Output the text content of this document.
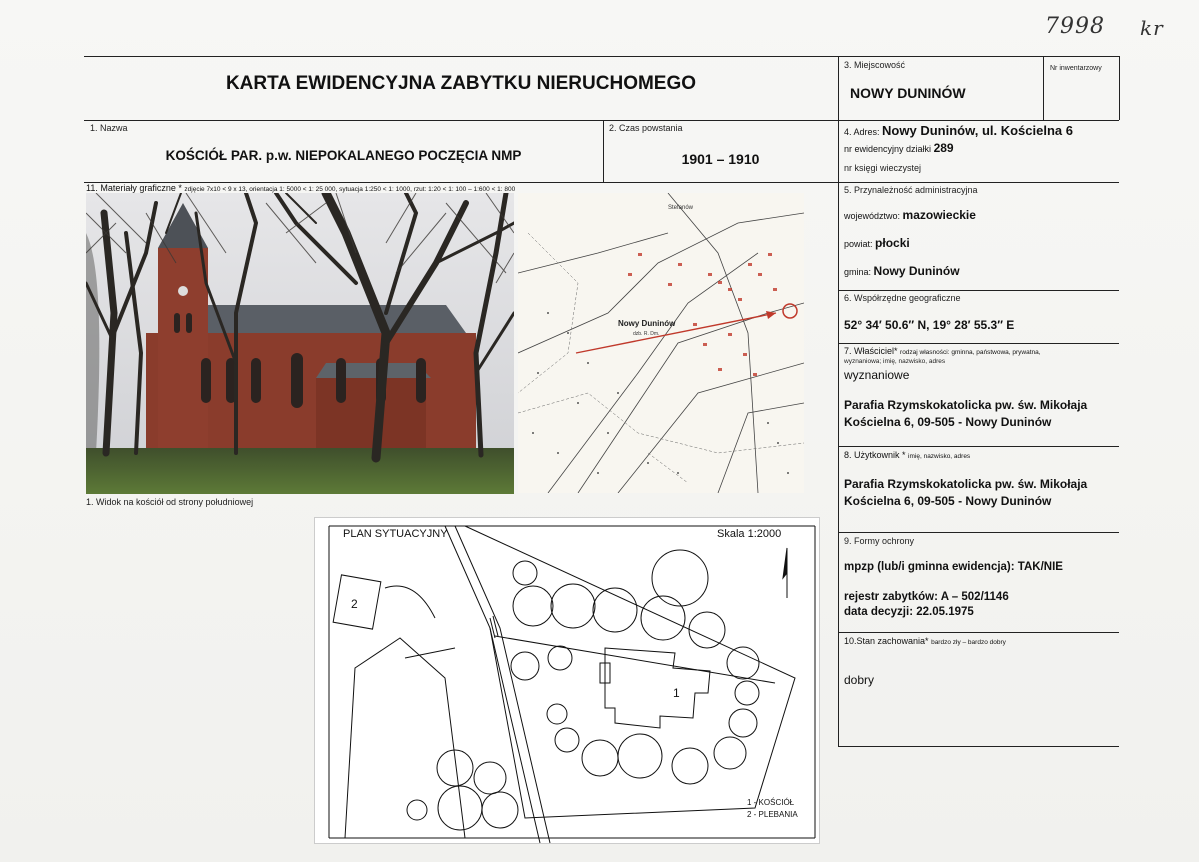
7998 kr
KARTA EWIDENCYJNA ZABYTKU NIERUCHOMEGO
3. Miejscowość
NOWY DUNINÓW
Nr inwentarzowy
1. Nazwa
KOŚCIÓŁ PAR. p.w. NIEPOKALANEGO POCZĘCIA NMP
2. Czas powstania
1901 – 1910
4. Adres: Nowy Duninów, ul. Kościelna 6
nr ewidencyjny działki 289
nr księgi wieczystej
11. Materiały graficzne * zdjęcie 7x10 < 9 x 13, orientacja 1: 5000 < 1: 25 000, sytuacja 1:250 < 1: 1000, rzut: 1:20 < 1: 100 – 1:600 < 1: 800
Nowy Duninów
dzb. R. Dm.
Stefanów
1. Widok na kościół od strony południowej
PLAN SYTUACYJNY	Skala 1:2000
1
2
1 - KOŚCIÓŁ
2 - PLEBANIA
5. Przynależność administracyjna
województwo: mazowieckie
powiat: płocki
gmina: Nowy Duninów
6. Współrzędne geograficzne
52° 34′ 50.6″ N, 19° 28′ 55.3″ E
7. Właściciel* rodzaj własności: gminna, państwowa, prywatna,
wyznaniowa; imię, nazwisko, adres
wyznaniowe
Parafia Rzymskokatolicka pw. św. Mikołaja
Kościelna 6, 09-505 - Nowy Duninów
8. Użytkownik * imię, nazwisko, adres
Parafia Rzymskokatolicka pw. św. Mikołaja
Kościelna 6, 09-505 - Nowy Duninów
9. Formy ochrony
mpzp (lub/i gminna ewidencja): TAK/NIE
rejestr zabytków: A – 502/1146
data decyzji: 22.05.1975
10.Stan zachowania* bardzo zły – bardzo dobry
dobry
